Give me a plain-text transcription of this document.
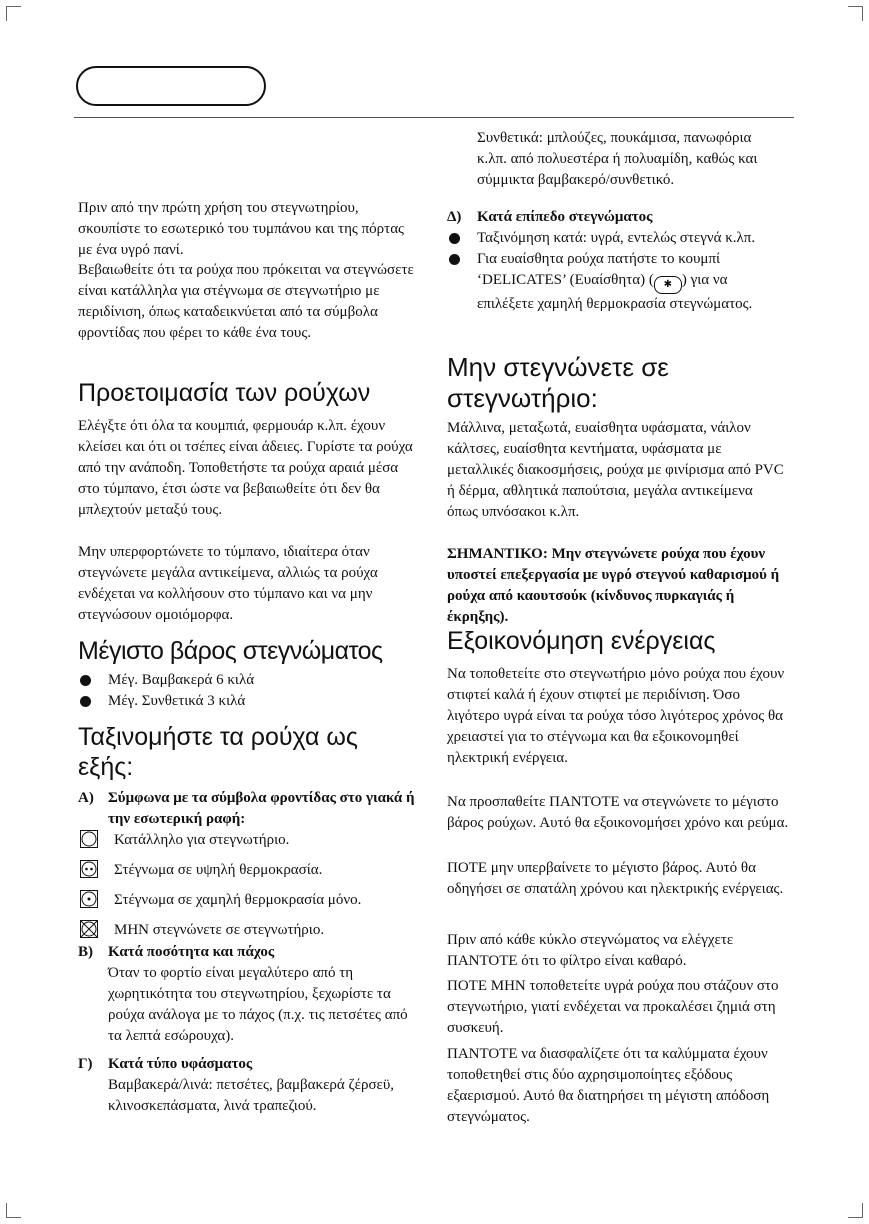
Πριν από την πρώτη χρήση του στεγνωτηρίου, σκουπίστε το εσωτερικό του τυμπάνου και της πόρτας με ένα υγρό πανί.

Βεβαιωθείτε ότι τα ρούχα που πρόκειται να στεγνώσετε είναι κατάλληλα για στέγνωμα σε στεγνωτήριο με περιδίνιση, όπως καταδεικνύεται από τα σύμβολα φροντίδας που φέρει το κάθε ένα τους.

Προετοιμασία των ρούχων

Ελέγξτε ότι όλα τα κουμπιά, φερμουάρ κ.λπ. έχουν κλείσει και ότι οι τσέπες είναι άδειες. Γυρίστε τα ρούχα από την ανάποδη. Τοποθετήστε τα ρούχα αραιά μέσα στο τύμπανο, έτσι ώστε να βεβαιωθείτε ότι δεν θα μπλεχτούν μεταξύ τους.

Μην υπερφορτώνετε το τύμπανο, ιδιαίτερα όταν στεγνώνετε μεγάλα αντικείμενα, αλλιώς τα ρούχα ενδέχεται να κολλήσουν στο τύμπανο και να μην στεγνώσουν ομοιόμορφα.

Μέγιστο βάρος στεγνώματος
Μέγ. Βαμβακερά 6 κιλά
Μέγ. Συνθετικά 3 κιλά
Ταξινομήστε τα ρούχα ως εξής:
Α) Σύμφωνα με τα σύμβολα φροντίδας στο γιακά ή την εσωτερική ραφή:
Κατάλληλο για στεγνωτήριο.
Στέγνωμα σε υψηλή θερμοκρασία.
Στέγνωμα σε χαμηλή θερμοκρασία μόνο.
ΜΗΝ στεγνώνετε σε στεγνωτήριο.
Β) Κατά ποσότητα και πάχος
Όταν το φορτίο είναι μεγαλύτερο από τη χωρητικότητα του στεγνωτηρίου, ξεχωρίστε τα ρούχα ανάλογα με το πάχος (π.χ. τις πετσέτες από τα λεπτά εσώρουχα).
Γ) Κατά τύπο υφάσματος
Βαμβακερά/λινά: πετσέτες, βαμβακερά ζέρσεϋ, κλινοσκεπάσματα, λινά τραπεζιού.

Συνθετικά: μπλούζες, πουκάμισα, πανωφόρια κ.λπ. από πολυεστέρα ή πολυαμίδη, καθώς και σύμμικτα βαμβακερό/συνθετικό.

Δ) Κατά επίπεδο στεγνώματος
Ταξινόμηση κατά: υγρά, εντελώς στεγνά κ.λπ.
Για ευαίσθητα ρούχα πατήστε το κουμπί ‘DELICATES’ (Ευαίσθητα) ( ✱ ) για να επιλέξετε χαμηλή θερμοκρασία στεγνώματος.
Μην στεγνώνετε σε στεγνωτήριο:

Μάλλινα, μεταξωτά, ευαίσθητα υφάσματα, νάιλον κάλτσες, ευαίσθητα κεντήματα, υφάσματα με μεταλλικές διακοσμήσεις, ρούχα με φινίρισμα από PVC ή δέρμα, αθλητικά παπούτσια, μεγάλα αντικείμενα όπως υπνόσακοι κ.λπ.

ΣΗΜΑΝΤΙΚΟ: Μην στεγνώνετε ρούχα που έχουν υποστεί επεξεργασία με υγρό στεγνού καθαρισμού ή ρούχα από καουτσούκ (κίνδυνος πυρκαγιάς ή έκρηξης).

Εξοικονόμηση ενέργειας

Να τοποθετείτε στο στεγνωτήριο μόνο ρούχα που έχουν στιφτεί καλά ή έχουν στιφτεί με περιδίνιση. Όσο λιγότερο υγρά είναι τα ρούχα τόσο λιγότερος χρόνος θα χρειαστεί για το στέγνωμα και θα εξοικονομηθεί ηλεκτρική ενέργεια.

Να προσπαθείτε ΠΑΝΤΟΤΕ να στεγνώνετε το μέγιστο βάρος ρούχων. Αυτό θα εξοικονομήσει χρόνο και ρεύμα.

ΠΟΤΕ μην υπερβαίνετε το μέγιστο βάρος. Αυτό θα οδηγήσει σε σπατάλη χρόνου και ηλεκτρικής ενέργειας.

Πριν από κάθε κύκλο στεγνώματος να ελέγχετε ΠΑΝΤΟΤΕ ότι το φίλτρο είναι καθαρό.

ΠΟΤΕ ΜΗΝ τοποθετείτε υγρά ρούχα που στάζουν στο στεγνωτήριο, γιατί ενδέχεται να προκαλέσει ζημιά στη συσκευή.

ΠΑΝΤΟΤΕ να διασφαλίζετε ότι τα καλύμματα έχουν τοποθετηθεί στις δύο αχρησιμοποίητες εξόδους εξαερισμού. Αυτό θα διατηρήσει τη μέγιστη απόδοση στεγνώματος.
